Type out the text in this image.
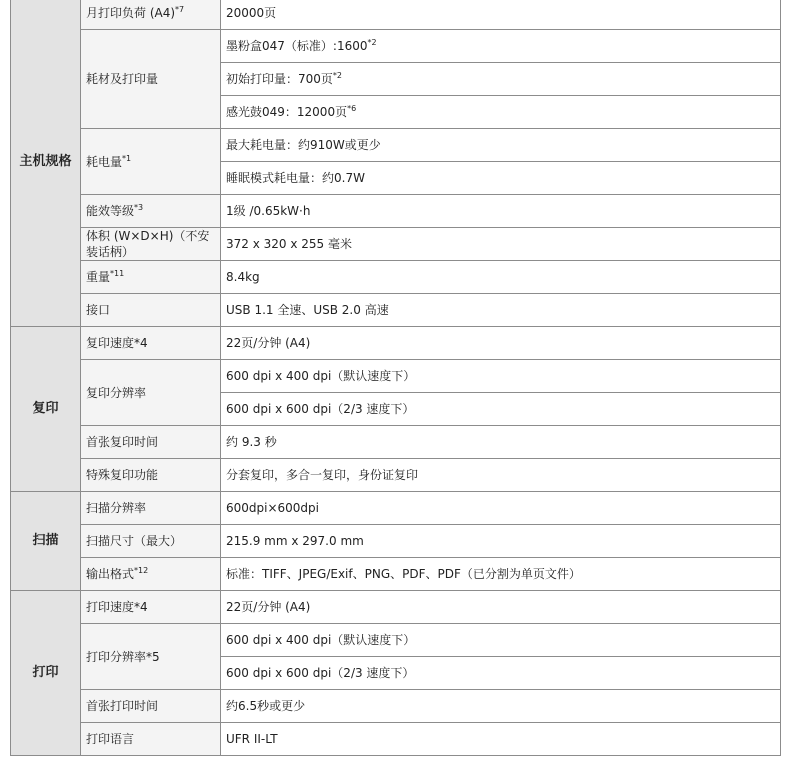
主机规格	月打印负荷 $(A4)^{*7}$	20000页
	耗材及打印量	墨粉盒047（标准）:1600$^{*2}$
		初始打印量：700页$^{*2}$
		感光鼓049：12000页$^{*6}$
	耗电量$^{*1}$	最大耗电量：约910W或更少
		睡眠模式耗电量：约0.7W
	能效等级$^{*3}$	1级 /0.65kW·h
	体积 (W×D×H)（不安装话柄）	372 x 320 x 255 毫米
	重量$^{*11}$	8.4kg
	接口	USB 1.1 全速、USB 2.0 高速
复印	复印速度*4	22页/分钟 (A4)
	复印分辨率	600 dpi x 400 dpi（默认速度下）
		600 dpi x 600 dpi（2/3 速度下）
	首张复印时间	约 9.3 秒
	特殊复印功能	分套复印，多合一复印，身份证复印
扫描	扫描分辨率	600dpi×600dpi
	扫描尺寸（最大）	215.9 mm x 297.0 mm
	输出格式$^{*12}$	标准：TIFF、JPEG/Exif、PNG、PDF、PDF（已分割为单页文件）
打印	打印速度*4	22页/分钟 (A4)
	打印分辨率*5	600 dpi x 400 dpi（默认速度下）
		600 dpi x 600 dpi（2/3 速度下）
	首张打印时间	约6.5秒或更少
	打印语言	UFR II-LT
